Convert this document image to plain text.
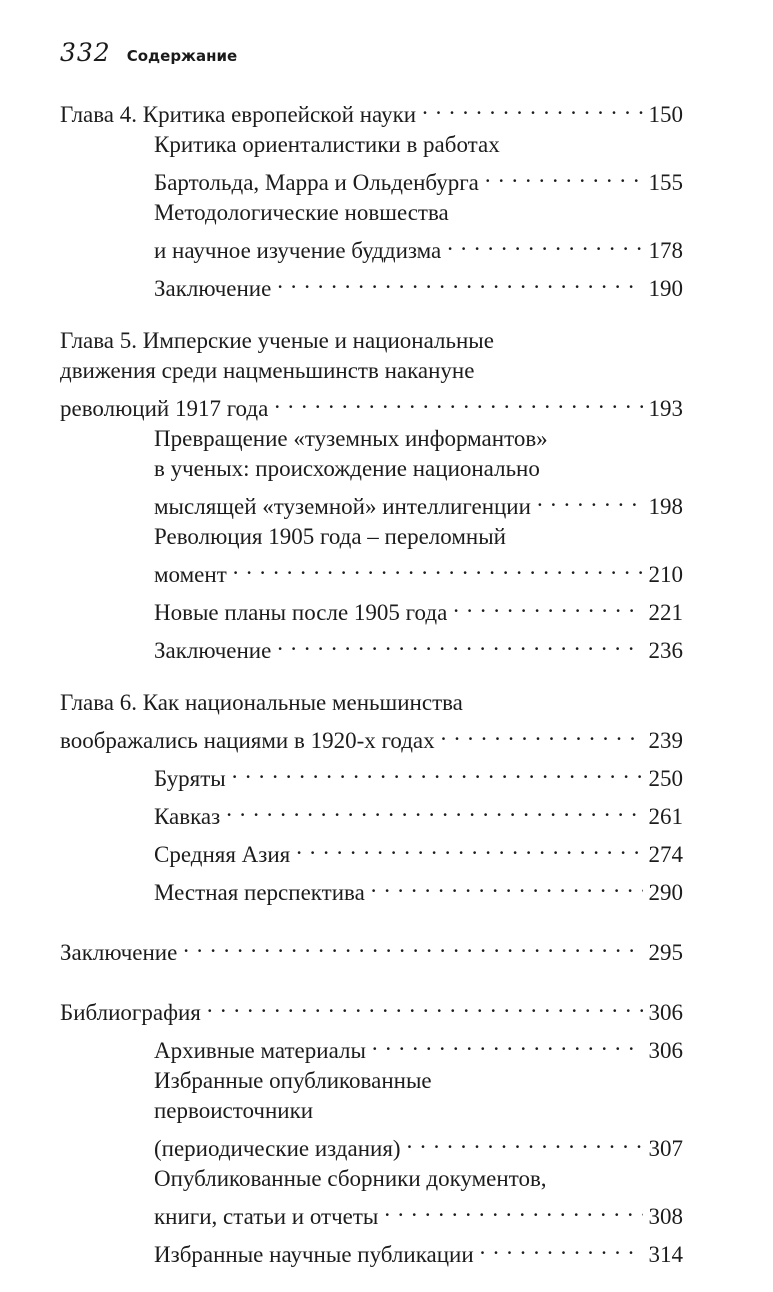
332 Содержание
Глава 4. Критика европейской науки . . .	150
Критика ориенталистики в работах
Бартольда, Марра и Ольденбурга . . .	155
Методологические новшества
и научное изучение буддизма . . .	178
Заключение . . .	190
Глава 5. Имперские ученые и национальные
движения среди нацменьшинств накануне
революций 1917 года . . .	193
Превращение «туземных информантов»
в ученых: происхождение национально
мыслящей «туземной» интеллигенции . . .	198
Революция 1905 года – переломный
момент . . .	210
Новые планы после 1905 года . . .	221
Заключение . . .	236
Глава 6. Как национальные меньшинства
воображались нациями в 1920-х годах . . .	239
Буряты . . .	250
Кавказ . . .	261
Средняя Азия . . .	274
Местная перспектива . . .	290
Заключение . . .	295
Библиография . . .	306
Архивные материалы . . .	306
Избранные опубликованные
первоисточники
(периодические издания) . . .	307
Опубликованные сборники документов,
книги, статьи и отчеты . . .	308
Избранные научные публикации . . .	314
